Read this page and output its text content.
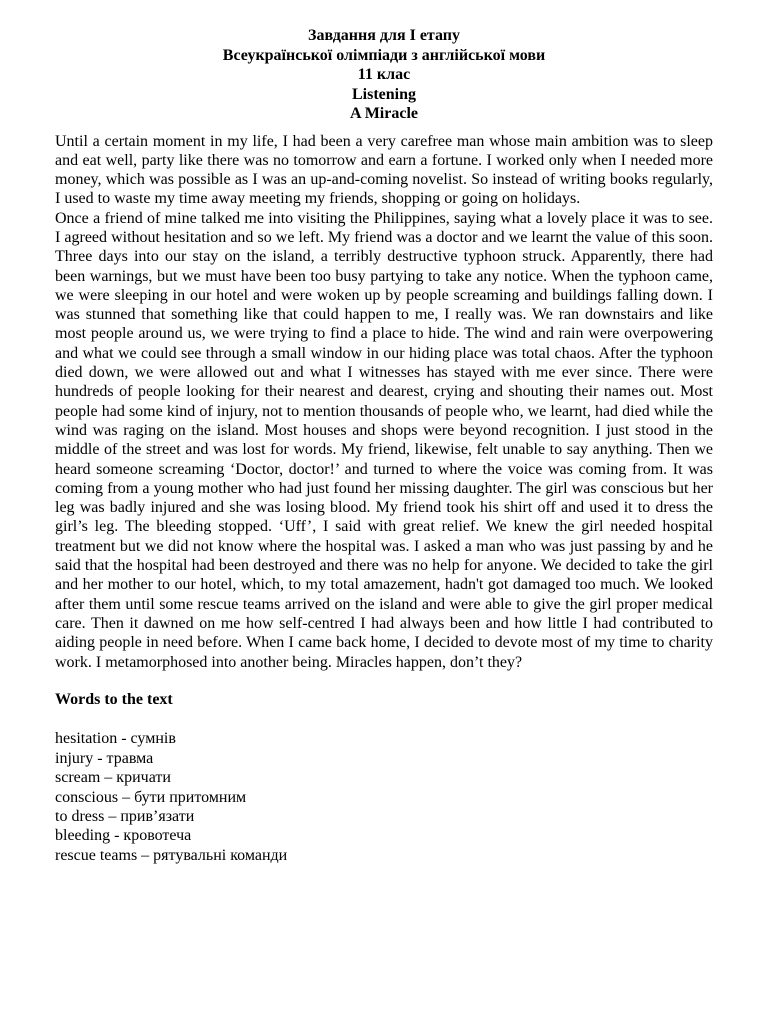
Завдання для І етапу
Всеукраїнської олімпіади з англійської мови
11 клас
Listening
A Miracle

Until a certain moment in my life, I had been a very carefree man whose main ambition was to sleep and eat well, party like there was no tomorrow and earn a fortune. I worked only when I needed more money, which was possible as I was an up-and-coming novelist. So instead of writing books regularly, I used to waste my time away meeting my friends, shopping or going on holidays.

Once a friend of mine talked me into visiting the Philippines, saying what a lovely place it was to see. I agreed without hesitation and so we left. My friend was a doctor and we learnt the value of this soon. Three days into our stay on the island, a terribly destructive typhoon struck. Apparently, there had been warnings, but we must have been too busy partying to take any notice. When the typhoon came, we were sleeping in our hotel and were woken up by people screaming and buildings falling down. I was stunned that something like that could happen to me, I really was. We ran downstairs and like most people around us, we were trying to find a place to hide. The wind and rain were overpowering and what we could see through a small window in our hiding place was total chaos. After the typhoon died down, we were allowed out and what I witnesses has stayed with me ever since. There were hundreds of people looking for their nearest and dearest, crying and shouting their names out. Most people had some kind of injury, not to mention thousands of people who, we learnt, had died while the wind was raging on the island. Most houses and shops were beyond recognition. I just stood in the middle of the street and was lost for words. My friend, likewise, felt unable to say anything. Then we heard someone screaming ‘Doctor, doctor!’ and turned to where the voice was coming from. It was coming from a young mother who had just found her missing daughter. The girl was conscious but her leg was badly injured and she was losing blood. My friend took his shirt off and used it to dress the girl’s leg. The bleeding stopped. ‘Uff’, I said with great relief. We knew the girl needed hospital treatment but we did not know where the hospital was. I asked a man who was just passing by and he said that the hospital had been destroyed and there was no help for anyone. We decided to take the girl and her mother to our hotel, which, to my total amazement, hadn't got damaged too much. We looked after them until some rescue teams arrived on the island and were able to give the girl proper medical care. Then it dawned on me how self-centred I had always been and how little I had contributed to aiding people in need before. When I came back home, I decided to devote most of my time to charity work. I metamorphosed into another being. Miracles happen, don’t they?

Words to the text
hesitation - сумнів
injury - травма
scream – кричати
conscious – бути притомним
to dress – прив’язати
bleeding - кровотеча
rescue teams – рятувальні команди
